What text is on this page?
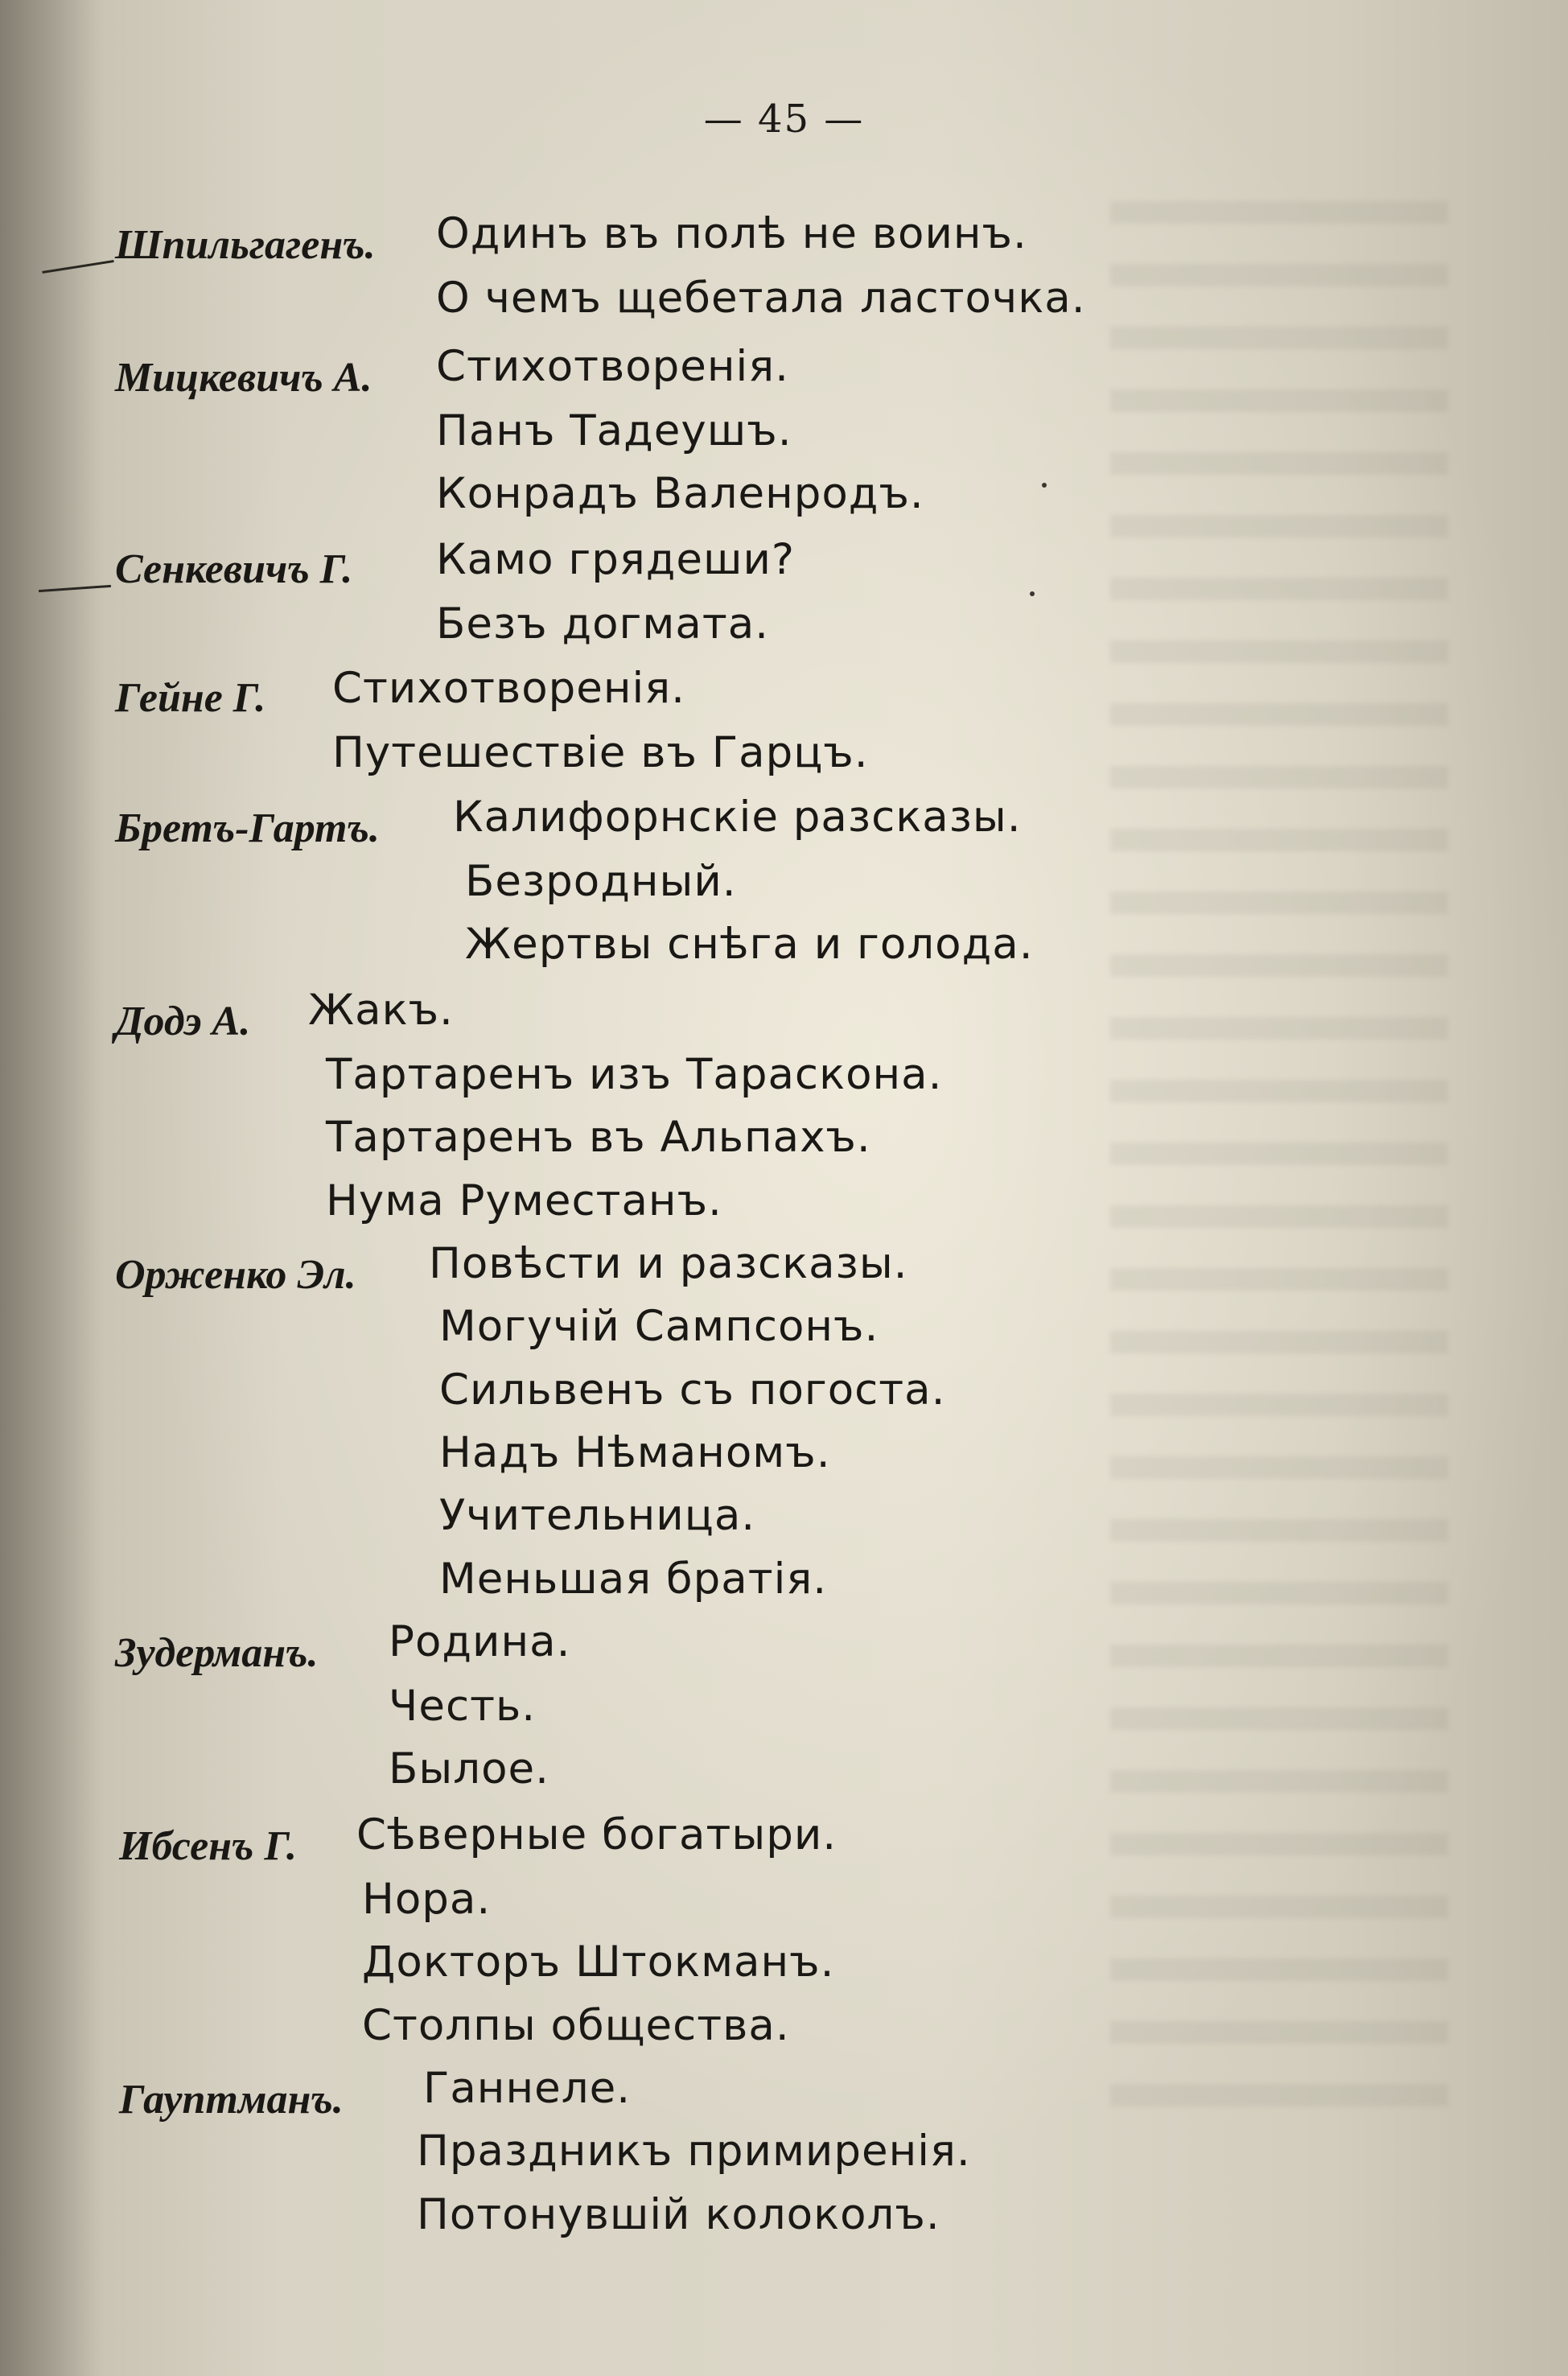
— 45 —
Шпильгагенъ. Одинъ въ полѣ не воинъ.
О чемъ щебетала ласточка.
Мицкевичъ А. Стихотворенія.
Панъ Тадеушъ.
Конрадъ Валенродъ.
Сенкевичъ Г. Камо грядеши?
Безъ догмата.
Гейне Г. Стихотворенія.
Путешествіе въ Гарцъ.
Бретъ-Гартъ. Калифорнскіе разсказы.
Безродный.
Жертвы снѣга и голода.
Додэ А. Жакъ.
Тартаренъ изъ Тараскона.
Тартаренъ въ Альпахъ.
Нума Руместанъ.
Орженко Эл. Повѣсти и разсказы.
Могучій Сампсонъ.
Сильвенъ съ погоста.
Надъ Нѣманомъ.
Учительница.
Меньшая братія.
Зудерманъ. Родина.
Честь.
Былое.
Ибсенъ Г. Сѣверные богатыри.
Нора.
Докторъ Штокманъ.
Столпы общества.
Гауптманъ. Ганнеле.
Праздникъ примиренія.
Потонувшій колоколъ.
